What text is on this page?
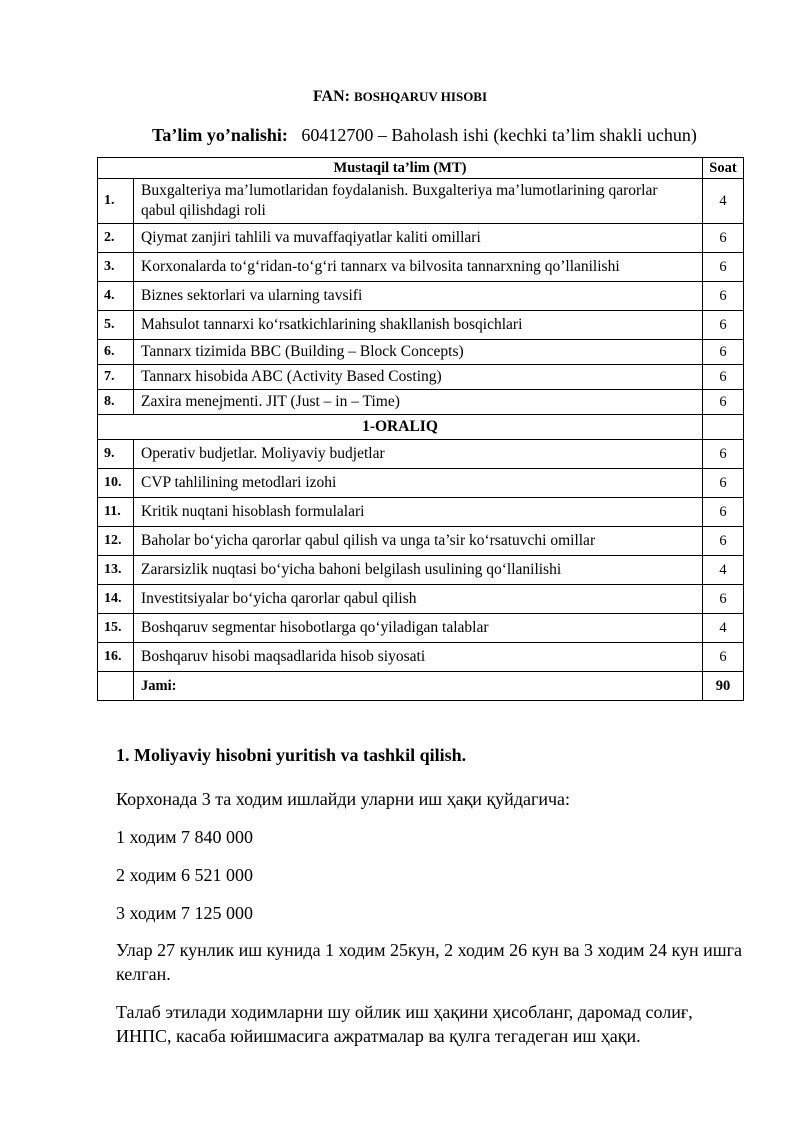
FAN: BOSHQARUV HISOBI
Ta’lim yo’nalishi: 60412700 – Baholash ishi (kechki ta’lim shakli uchun)
Mustaqil ta’lim (MT)		Soat
1.	Buxgalteriya ma’lumotlaridan foydalanish. Buxgalteriya ma’lumotlarining qarorlar qabul qilishdagi roli	4
2.	Qiymat zanjiri tahlili va muvaffaqiyatlar kaliti omillari	6
3.	Korxonalarda to‘g‘ridan-to‘g‘ri tannarx va bilvosita tannarxning qo’llanilishi	6
4.	Biznes sektorlari va ularning tavsifi	6
5.	Mahsulot tannarxi ko‘rsatkichlarining shakllanish bosqichlari	6
6.	Tannarx tizimida BBC (Building – Block Concepts)	6
7.	Tannarx hisobida ABC (Activity Based Costing)	6
8.	Zaxira menejmenti. JIT (Just – in – Time)	6
1-ORALIQ		
9.	Operativ budjetlar. Moliyaviy budjetlar	6
10.	CVP tahlilining metodlari izohi	6
11.	Kritik nuqtani hisoblash formulalari	6
12.	Baholar bo‘yicha qarorlar qabul qilish va unga ta’sir ko‘rsatuvchi omillar	6
13.	Zararsizlik nuqtasi bo‘yicha bahoni belgilash usulining qo‘llanilishi	4
14.	Investitsiyalar bo‘yicha qarorlar qabul qilish	6
15.	Boshqaruv segmentar hisobotlarga qo‘yiladigan talablar	4
16.	Boshqaruv hisobi maqsadlarida hisob siyosati	6
	Jami:	90
1. Moliyaviy hisobni yuritish va tashkil qilish.
Корхонада 3 та ходим ишлайди уларни иш ҳақи қуйдагича:
1 ходим 7 840 000
2 ходим 6 521 000
3 ходим 7 125 000
Улар 27 кунлик иш кунида 1 ходим 25кун, 2 ходим 26 кун ва 3 ходим 24 кун ишга келган.
Талаб этилади ходимларни шу ойлик иш ҳақини ҳисобланг, даромад солиғ, ИНПС, касаба юйишмасига ажратмалар ва қулга тегадеган иш ҳақи.
